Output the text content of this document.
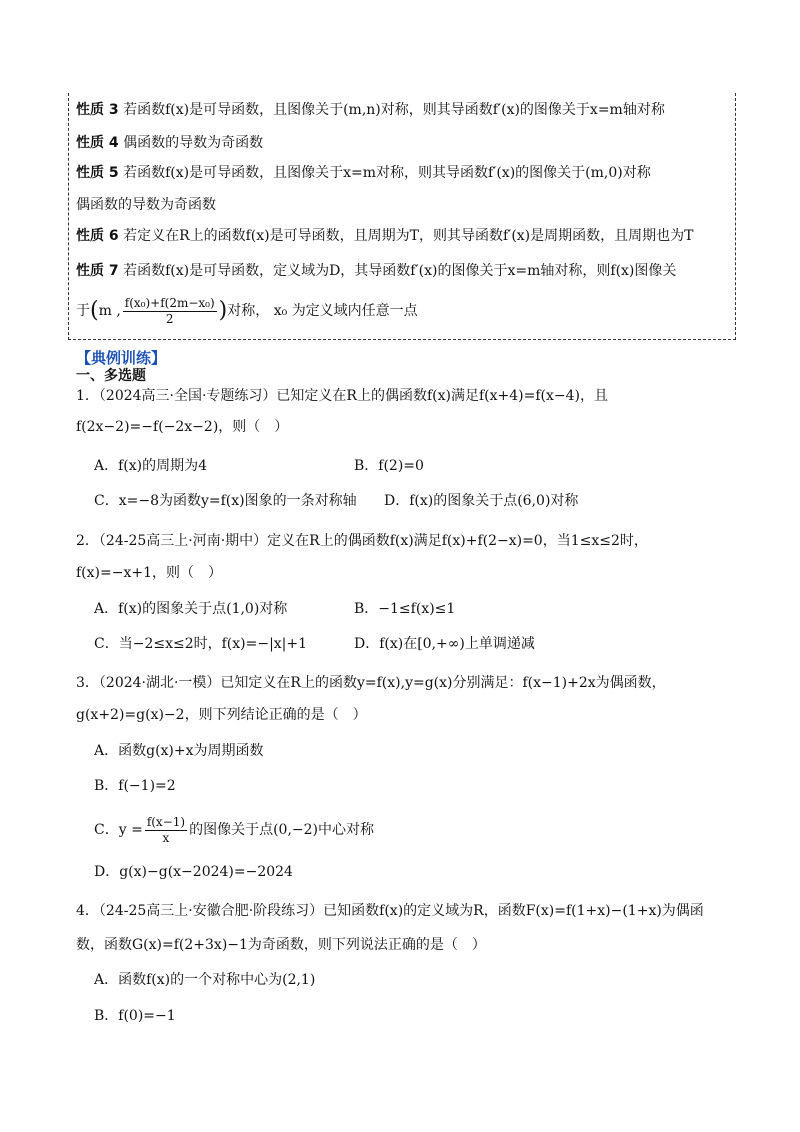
性质 3 若函数f(x)是可导函数，且图像关于(m,n)对称，则其导函数f′(x)的图像关于x=m轴对称
性质 4 偶函数的导数为奇函数
性质 5 若函数f(x)是可导函数，且图像关于x=m对称，则其导函数f′(x)的图像关于(m,0)对称
偶函数的导数为奇函数
性质 6 若定义在R上的函数f(x)是可导函数，且周期为T，则其导函数f′(x)是周期函数，且周期也为T
性质 7 若函数f(x)是可导函数，定义域为D，其导函数f′(x)的图像关于x=m轴对称，则f(x)图像关
于(m , $\frac{\text{f(x₀)+f(2m−x₀)}}{2}$ )对称， x₀ 为定义域内任意一点
【典例训练】
一、多选题
1．（2024高三·全国·专题练习）已知定义在R上的偶函数f(x)满足f(x+4)=f(x−4)，且
f(2x−2)=−f(−2x−2)，则（　）
A．f(x)的周期为4	B．f(2)=0
C．x=−8为函数y=f(x)图象的一条对称轴 D．f(x)的图象关于点(6,0)对称
2．（24-25高三上·河南·期中）定义在R上的偶函数f(x)满足f(x)+f(2−x)=0，当1≤x≤2时，
f(x)=−x+1，则（　）
A．f(x)的图象关于点(1,0)对称	B．−1≤f(x)≤1
C．当−2≤x≤2时，f(x)=−|x|+1	D．f(x)在[0,+∞)上单调递减
3．（2024·湖北·一模）已知定义在R上的函数y=f(x),y=g(x)分别满足：f(x−1)+2x为偶函数，
g(x+2)=g(x)−2，则下列结论正确的是（　）
A．函数g(x)+x为周期函数
B．f(−1)=2
C．$y = \frac{f(x-1)}{x}$ 的图像关于点(0,−2)中心对称
D．g(x)−g(x−2024)=−2024
4．（24-25高三上·安徽合肥·阶段练习）已知函数f(x)的定义域为R，函数F(x)=f(1+x)−(1+x)为偶函
数，函数G(x)=f(2+3x)−1为奇函数，则下列说法正确的是（　）
A．函数f(x)的一个对称中心为(2,1)
B．f(0)=−1
